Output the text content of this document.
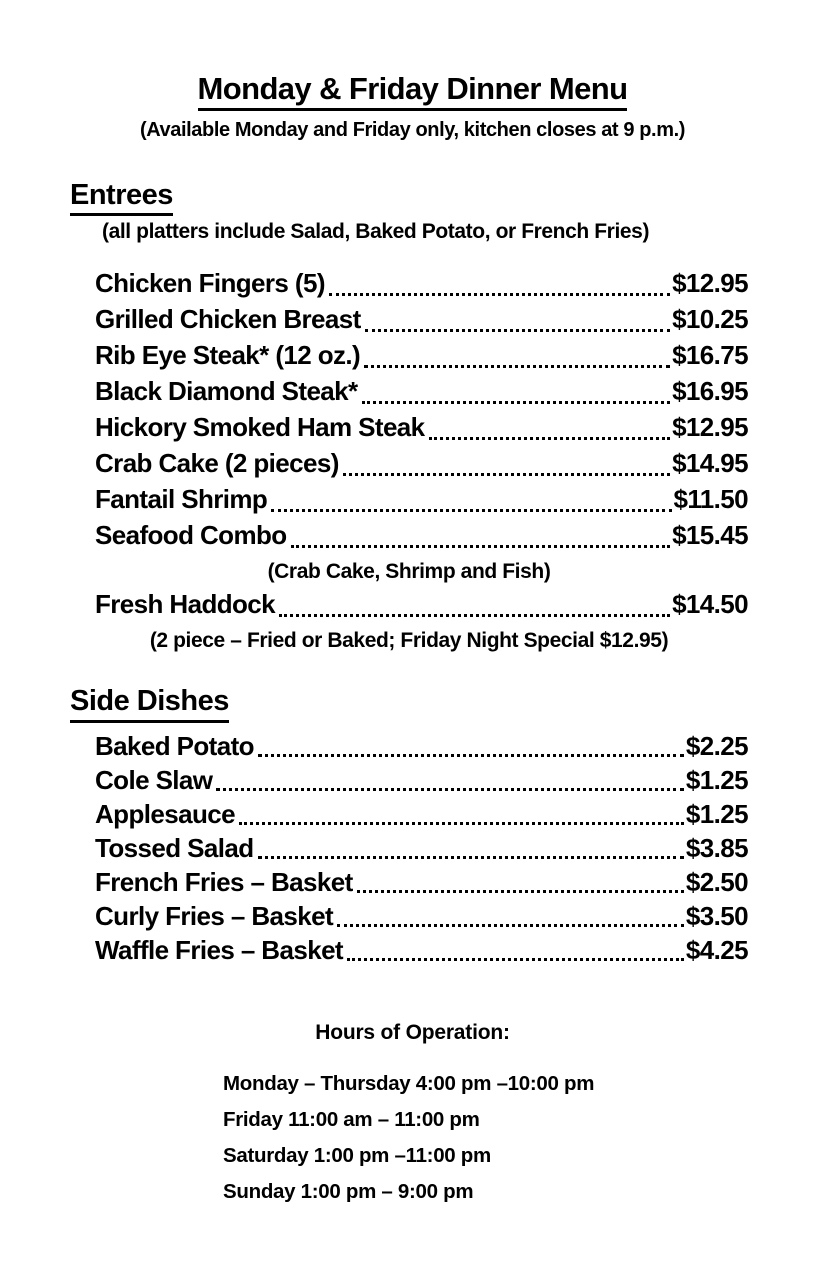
Monday & Friday Dinner Menu
(Available Monday and Friday only, kitchen closes at 9 p.m.)
Entrees
(all platters include Salad, Baked Potato, or French Fries)
Chicken Fingers (5)	$12.95
Grilled Chicken Breast	$10.25
Rib Eye Steak* (12 oz.)	$16.75
Black Diamond Steak*	$16.95
Hickory Smoked Ham Steak	$12.95
Crab Cake (2 pieces)	$14.95
Fantail Shrimp	$11.50
Seafood Combo	$15.45
(Crab Cake, Shrimp and Fish)
Fresh Haddock	$14.50
(2 piece – Fried or Baked; Friday Night Special $12.95)
Side Dishes
Baked Potato	$2.25
Cole Slaw	$1.25
Applesauce	$1.25
Tossed Salad	$3.85
French Fries – Basket	$2.50
Curly Fries – Basket	$3.50
Waffle Fries – Basket	$4.25
Hours of Operation:
Monday – Thursday 4:00 pm –10:00 pm
Friday 11:00 am – 11:00 pm
Saturday 1:00 pm –11:00 pm
Sunday 1:00 pm – 9:00 pm
